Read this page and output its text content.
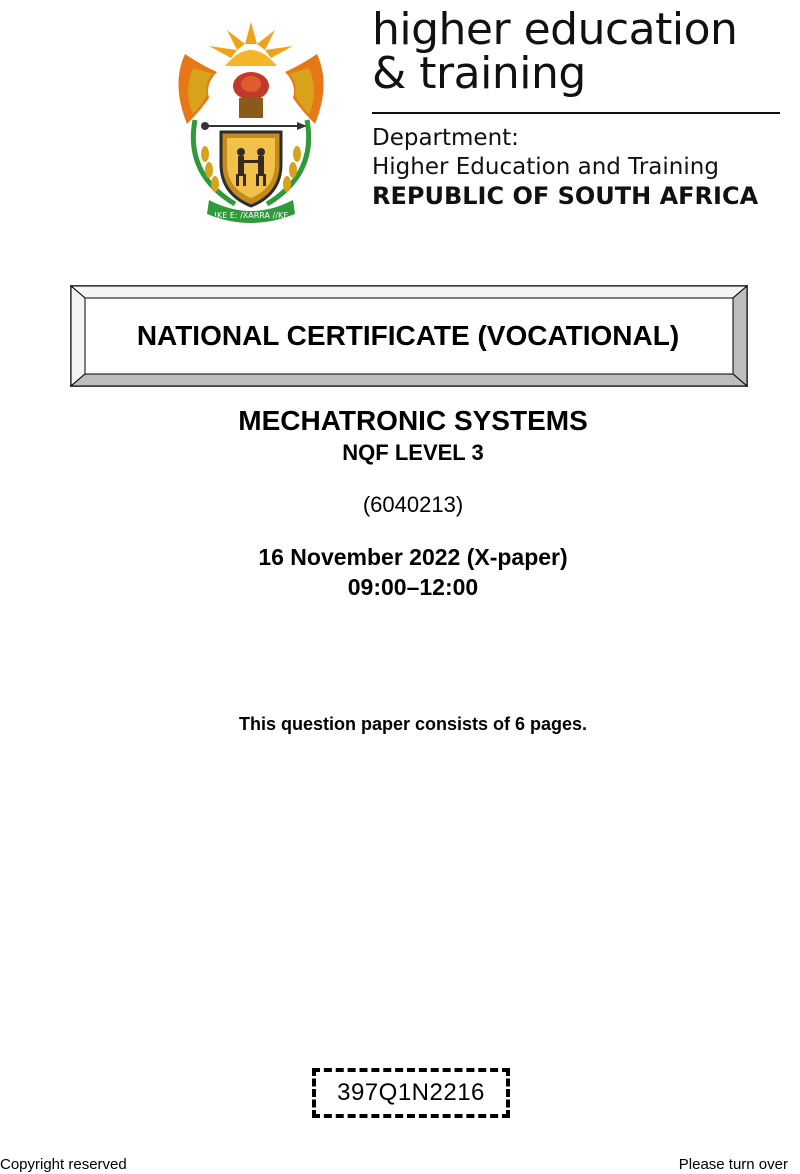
!KE E: /XARRA //KE
higher education
& training
Department:
Higher Education and Training
REPUBLIC OF SOUTH AFRICA
NATIONAL CERTIFICATE (VOCATIONAL)
MECHATRONIC SYSTEMS
NQF LEVEL 3
(6040213)
16 November 2022 (X-paper)
09:00–12:00
This question paper consists of 6 pages.
397Q1N2216
Copyright reserved	Please turn over
